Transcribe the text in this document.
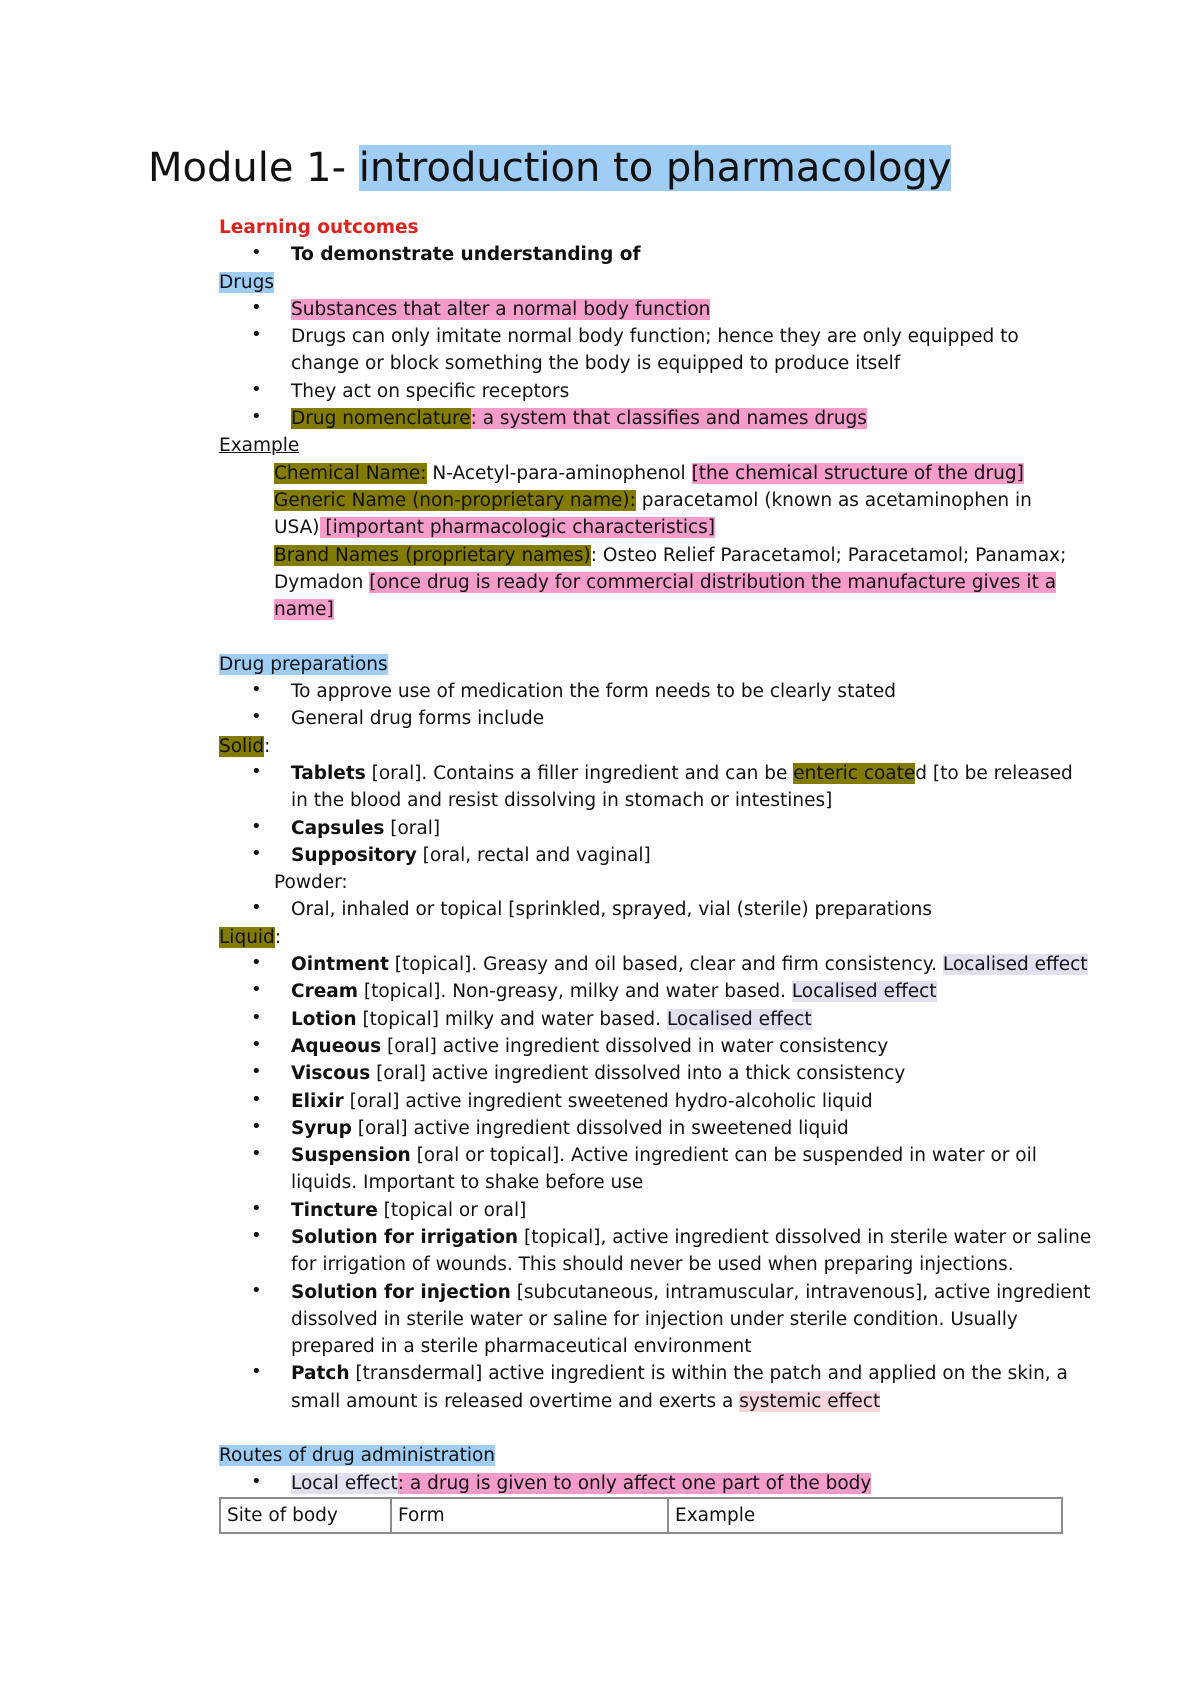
Module 1- introduction to pharmacology
Learning outcomes
• To demonstrate understanding of
Drugs
• Substances that alter a normal body function
• Drugs can only imitate normal body function; hence they are only equipped to
change or block something the body is equipped to produce itself
• They act on specific receptors
• Drug nomenclature: a system that classifies and names drugs
Example
Chemical Name: N-Acetyl-para-aminophenol [the chemical structure of the drug]
Generic Name (non-proprietary name): paracetamol (known as acetaminophen in
USA) [important pharmacologic characteristics]
Brand Names (proprietary names): Osteo Relief Paracetamol; Paracetamol; Panamax;
Dymadon [once drug is ready for commercial distribution the manufacture gives it a
name]
Drug preparations
• To approve use of medication the form needs to be clearly stated
• General drug forms include
Solid:
• Tablets [oral]. Contains a filler ingredient and can be enteric coated [to be released
in the blood and resist dissolving in stomach or intestines]
• Capsules [oral]
• Suppository [oral, rectal and vaginal]
Powder:
• Oral, inhaled or topical [sprinkled, sprayed, vial (sterile) preparations
Liquid:
• Ointment [topical]. Greasy and oil based, clear and firm consistency. Localised effect
• Cream [topical]. Non-greasy, milky and water based. Localised effect
• Lotion [topical] milky and water based. Localised effect
• Aqueous [oral] active ingredient dissolved in water consistency
• Viscous [oral] active ingredient dissolved into a thick consistency
• Elixir [oral] active ingredient sweetened hydro-alcoholic liquid
• Syrup [oral] active ingredient dissolved in sweetened liquid
• Suspension [oral or topical]. Active ingredient can be suspended in water or oil
liquids. Important to shake before use
• Tincture [topical or oral]
• Solution for irrigation [topical], active ingredient dissolved in sterile water or saline
for irrigation of wounds. This should never be used when preparing injections.
• Solution for injection [subcutaneous, intramuscular, intravenous], active ingredient
dissolved in sterile water or saline for injection under sterile condition. Usually
prepared in a sterile pharmaceutical environment
• Patch [transdermal] active ingredient is within the patch and applied on the skin, a
small amount is released overtime and exerts a systemic effect
Routes of drug administration
• Local effect: a drug is given to only affect one part of the body
Site of body	Form	Example
